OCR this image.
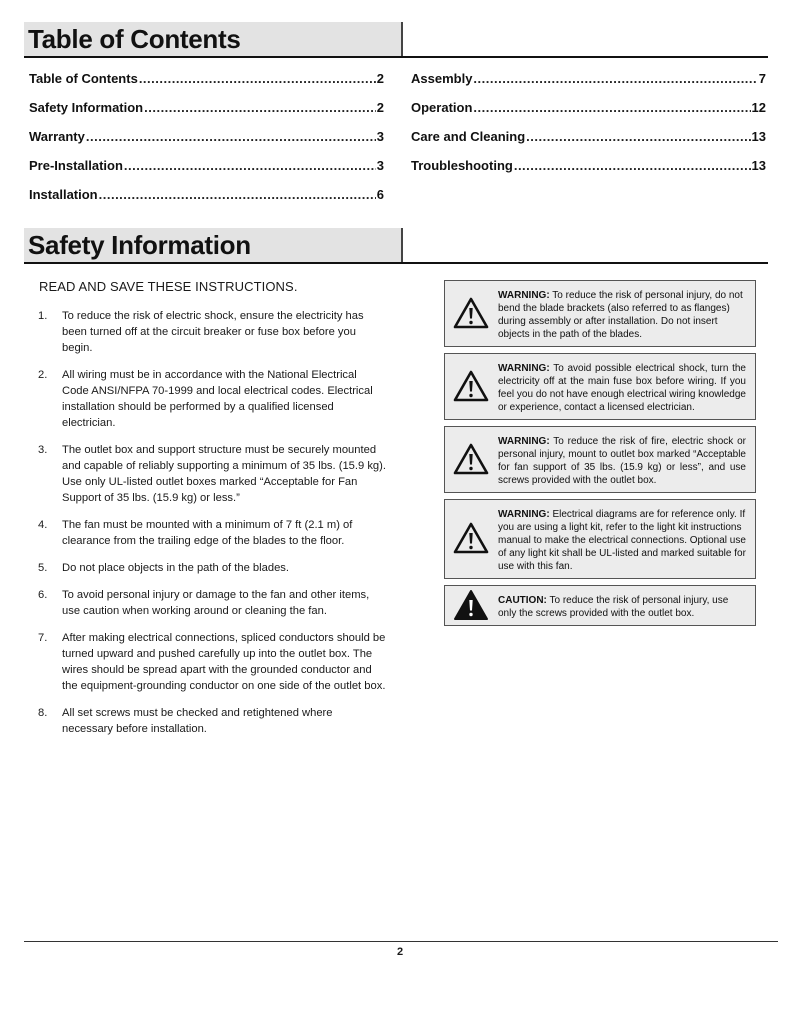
Table of Contents
Table of Contents .....	2
Safety Information .....	2
Warranty .....	3
Pre-Installation .....	3
Installation .....	6
Assembly .....	7
Operation .....	12
Care and Cleaning .....	13
Troubleshooting .....	13
Safety Information
READ AND SAVE THESE INSTRUCTIONS.
1.	To reduce the risk of electric shock, ensure the electricity has been turned off at the circuit breaker or fuse box before you begin.
2.	All wiring must be in accordance with the National Electrical Code ANSI/NFPA 70-1999 and local electrical codes. Electrical installation should be performed by a qualified licensed electrician.
3.	The outlet box and support structure must be securely mounted and capable of reliably supporting a minimum of 35 lbs. (15.9 kg). Use only UL-listed outlet boxes marked “Acceptable for Fan Support of 35 lbs. (15.9 kg) or less.”
4.	The fan must be mounted with a minimum of 7 ft (2.1 m) of clearance from the trailing edge of the blades to the floor.
5.	Do not place objects in the path of the blades.
6.	To avoid personal injury or damage to the fan and other items, use caution when working around or cleaning the fan.
7.	After making electrical connections, spliced conductors should be turned upward and pushed carefully up into the outlet box. The wires should be spread apart with the grounded conductor and the equipment-grounding conductor on one side of the outlet box.
8.	All set screws must be checked and retightened where necessary before installation.
WARNING: To reduce the risk of personal injury, do not bend the blade brackets (also referred to as flanges) during assembly or after installation. Do not insert objects in the path of the blades.
WARNING: To avoid possible electrical shock, turn the electricity off at the main fuse box before wiring. If you feel you do not have enough electrical wiring knowledge or experience, contact a licensed electrician.
WARNING: To reduce the risk of fire, electric shock or personal injury, mount to outlet box marked “Acceptable for fan support of 35 lbs. (15.9 kg) or less”, and use screws provided with the outlet box.
WARNING: Electrical diagrams are for reference only. If you are using a light kit, refer to the light kit instructions manual to make the electrical connections. Optional use of any light kit shall be UL-listed and marked suitable for use with this fan.
CAUTION: To reduce the risk of personal injury, use only the screws provided with the outlet box.
2
